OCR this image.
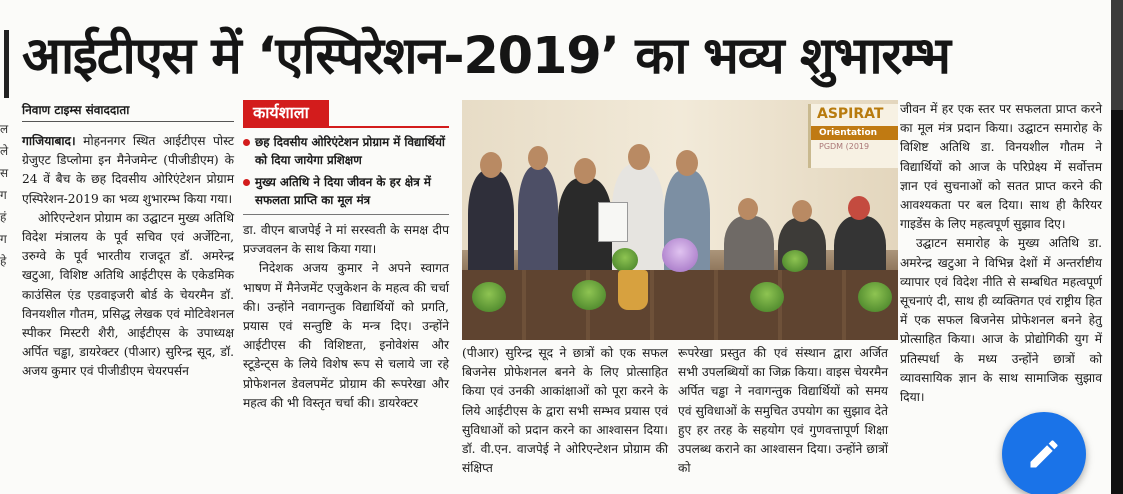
ल ले स ग हं ग हे
आईटीएस में ‘एस्पिरेशन-2019’ का भव्य शुभारम्भ
निवाण टाइम्स संवाददाता

गाजियाबाद। मोहननगर स्थित आईटीएस पोस्ट ग्रेजुएट डिप्लोमा इन मैनेजमेन्ट (पीजीडीएम) के 24 वें बैच के छह दिवसीय ओरिएंटेशन प्रोग्राम एस्पिरेशन-2019 का भव्य शुभारम्भ किया गया।

ओरिएन्टेशन प्रोग्राम का उद्घाटन मुख्य अतिथि विदेश मंत्रालय के पूर्व सचिव एवं अर्जेटिना, उरुग्वे के पूर्व भारतीय राजदूत डॉ. अमरेन्द्र खटुआ, विशिष्ट अतिथि आईटीएस के एकेडमिक काउंसिल एंड एडवाइजरी बोर्ड के चेयरमैन डॉ. विनयशील गौतम, प्रसिद्ध लेखक एवं मोटिवेशनल स्पीकर मिस्टरी शैरी, आईटीएस के उपाध्यक्ष अर्पित चड्ढा, डायरेक्टर (पीआर) सुरिन्द्र सूद, डॉ. अजय कुमार एवं पीजीडीएम चेयरपर्सन

कार्यशाला
छह दिवसीय ओरिएंटेशन प्रोग्राम में विद्यार्थियों को दिया जायेगा प्रशिक्षण
मुख्य अतिथि ने दिया जीवन के हर क्षेत्र में सफलता प्राप्ति का मूल मंत्र

डा. वीएन बाजपेई ने मां सरस्वती के समक्ष दीप प्रज्जवलन के साथ किया गया।

निदेशक अजय कुमार ने अपने स्वागत भाषण में मैनेजमेंट एजुकेशन के महत्व की चर्चा की। उन्होंने नवागन्तुक विद्यार्थियों को प्रगति, प्रयास एवं सन्तुष्टि के मन्त्र दिए। उन्होंने आईटीएस की विशिष्टता, इनोवेशंस और स्टूडेन्ट्स के लिये विशेष रूप से चलाये जा रहे प्रोफेशनल डेवलपमेंट प्रोग्राम की रूपरेखा और महत्व की भी विस्तृत चर्चा की। डायरेक्टर

ASPIRAT
Orientation
PGDM (2019

(पीआर) सुरिन्द्र सूद ने छात्रों को एक सफल बिजनेस प्रोफेशनल बनने के लिए प्रोत्साहित किया एवं उनकी आकांक्षाओं को पूरा करने के लिये आईटीएस के द्वारा सभी सम्भव प्रयास एवं सुविधाओं को प्रदान करने का आश्वासन दिया। डॉ. वी.एन. वाजपेई ने ओरिएन्टेशन प्रोग्राम की संक्षिप्त

रूपरेखा प्रस्तुत की एवं संस्थान द्वारा अर्जित सभी उपलब्धियों का जिक्र किया। वाइस चेयरमैन अर्पित चड्ढा ने नवागन्तुक विद्यार्थियों को समय एवं सुविधाओं के समुचित उपयोग का सुझाव देते हुए हर तरह के सहयोग एवं गुणवत्तापूर्ण शिक्षा उपलब्ध कराने का आश्वासन दिया। उन्होंने छात्रों को

जीवन में हर एक स्तर पर सफलता प्राप्त करने का मूल मंत्र प्रदान किया। उद्घाटन समारोह के विशिष्ट अतिथि डा. विनयशील गौतम ने विद्यार्थियों को आज के परिप्रेक्ष्य में सर्वोत्तम ज्ञान एवं सुचनाओं को सतत प्राप्त करने की आवश्यकता पर बल दिया। साथ ही कैरियर गाइडेंस के लिए महत्वपूर्ण सुझाव दिए।

उद्घाटन समारोह के मुख्य अतिथि डा. अमरेन्द्र खटुआ ने विभिन्न देशों में अन्तर्राष्टीय व्यापार एवं विदेश नीति से सम्बधित महत्वपूर्ण सूचनाएं दी, साथ ही व्यक्तिगत एवं राष्ट्रीय हित में एक सफल बिजनेस प्रोफेशनल बनने हेतु प्रोत्साहित किया। आज के प्रोद्योगिकी युग में प्रतिस्पर्धा के मध्य उन्होंने छात्रों को व्यावसायिक ज्ञान के साथ सामाजिक सुझाव दिया।
